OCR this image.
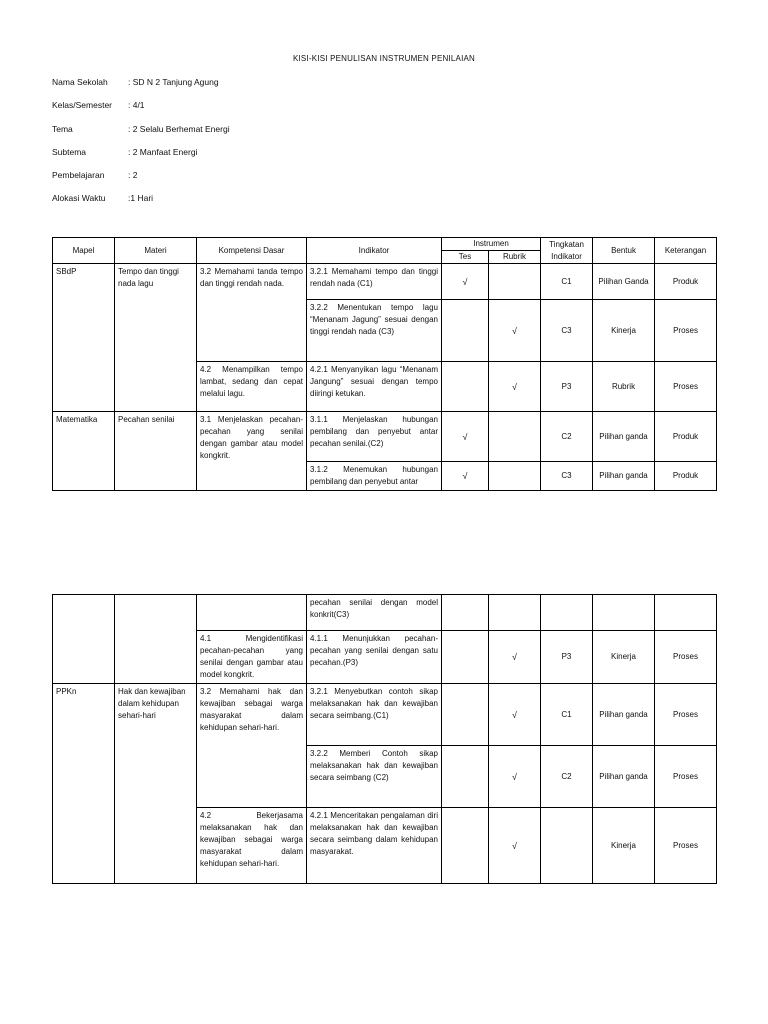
KISI-KISI PENULISAN INSTRUMEN PENILAIAN
Nama Sekolah : SD N 2 Tanjung Agung
Kelas/Semester : 4/1
Tema	: 2 Selalu Berhemat Energi
Subtema	: 2 Manfaat Energi
Pembelajaran	: 2
Alokasi Waktu	:1 Hari
Mapel	Materi	Kompetensi Dasar	Indikator	Instrumen		Tingkatan Indikator	Bentuk	Keterangan
				Tes	Rubrik			
SBdP	Tempo dan tinggi nada lagu	3.2 Memahami tanda tempo dan tinggi rendah nada.	3.2.1 Memahami tempo dan tinggi rendah nada (C1)	√		C1	Pilihan Ganda	Produk
			3.2.2 Menentukan tempo lagu “Menanam Jagung” sesuai dengan tinggi rendah nada (C3)		√	C3	Kinerja	Proses
		4.2 Menampilkan tempo lambat, sedang dan cepat melalui lagu.	4.2.1 Menyanyikan lagu “Menanam Jangung” sesuai dengan tempo diiringi ketukan.		√	P3	Rubrik	Proses
Matematika	Pecahan senilai	3.1 Menjelaskan pecahan- pecahan yang senilai dengan gambar atau model kongkrit.	3.1.1 Menjelaskan hubungan pembilang dan penyebut antar pecahan senilai.(C2)	√		C2	Pilihan ganda	Produk
			3.1.2 Menemukan hubungan pembilang dan penyebut antar	√		C3	Pilihan ganda	Produk
			pecahan senilai dengan model konkrit(C3)					
		4.1 Mengidentifikasi pecahan-pecahan yang senilai dengan gambar atau model kongkrit.	4.1.1 Menunjukkan pecahan-pecahan yang senilai dengan satu pecahan.(P3)		√	P3	Kinerja	Proses
PPKn	Hak dan kewajiban dalam kehidupan sehari-hari	3.2 Memahami hak dan kewajiban sebagai warga masyarakat dalam kehidupan sehari-hari.	3.2.1 Menyebutkan contoh sikap melaksanakan hak dan kewajiban secara seimbang.(C1)		√	C1	Pilihan ganda	Proses
			3.2.2 Memberi Contoh sikap melaksanakan hak dan kewajiban secara seimbang (C2)		√	C2	Pilihan ganda	Proses
		4.2 Bekerjasama melaksanakan hak dan kewajiban sebagai warga masyarakat dalam kehidupan sehari-hari.	4.2.1 Menceritakan pengalaman diri melaksanakan hak dan kewajiban secara seimbang dalam kehidupan masyarakat.		√		Kinerja	Proses
